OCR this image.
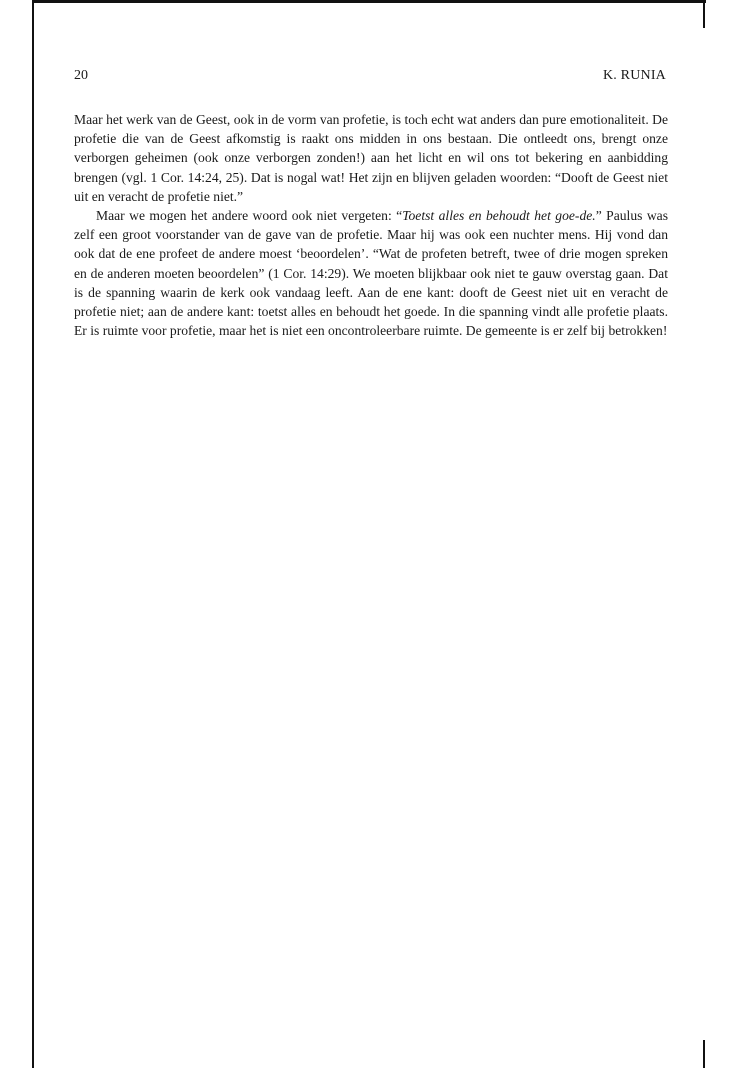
20	K. RUNIA

Maar het werk van de Geest, ook in de vorm van profetie, is toch echt wat anders dan pure emotionaliteit. De profetie die van de Geest afkomstig is raakt ons midden in ons bestaan. Die ontleedt ons, brengt onze verborgen geheimen (ook onze verborgen zonden!) aan het licht en wil ons tot bekering en aanbidding brengen (vgl. 1 Cor. 14:24, 25). Dat is nogal wat! Het zijn en blijven geladen woorden: “Dooft de Geest niet uit en veracht de profetie niet.”

Maar we mogen het andere woord ook niet vergeten: “Toetst alles en behoudt het goe-de.” Paulus was zelf een groot voorstander van de gave van de profetie. Maar hij was ook een nuchter mens. Hij vond dan ook dat de ene profeet de andere moest ‘beoordelen’. “Wat de profeten betreft, twee of drie mogen spreken en de anderen moeten beoordelen” (1 Cor. 14:29). We moeten blijkbaar ook niet te gauw overstag gaan. Dat is de spanning waarin de kerk ook vandaag leeft. Aan de ene kant: dooft de Geest niet uit en veracht de profetie niet; aan de andere kant: toetst alles en behoudt het goede. In die spanning vindt alle profetie plaats. Er is ruimte voor profetie, maar het is niet een oncontroleerbare ruimte. De gemeente is er zelf bij betrokken!
